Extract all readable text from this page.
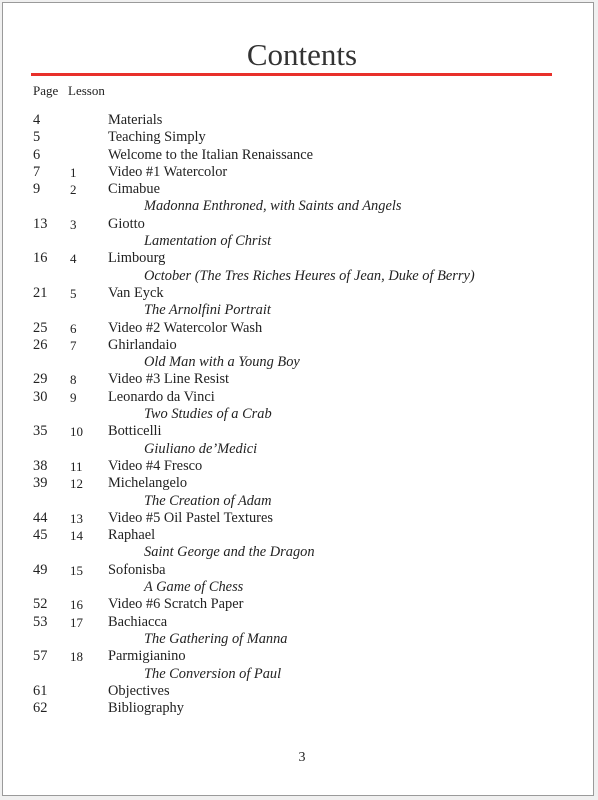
Contents
Page Lesson
4	Materials
5	Teaching Simply
6	Welcome to the Italian Renaissance
7 1 Video #1 Watercolor
9 2 Cimabue
Madonna Enthroned, with Saints and Angels
13 3 Giotto
Lamentation of Christ
16 4 Limbourg
October (The Tres Riches Heures of Jean, Duke of Berry)
21 5 Van Eyck
The Arnolfini Portrait
25 6 Video #2 Watercolor Wash
26 7 Ghirlandaio
Old Man with a Young Boy
29 8 Video #3 Line Resist
30 9 Leonardo da Vinci
Two Studies of a Crab
35 10 Botticelli
Giuliano de’Medici
38 11 Video #4 Fresco
39 12 Michelangelo
The Creation of Adam
44 13 Video #5 Oil Pastel Textures
45 14 Raphael
Saint George and the Dragon
49 15 Sofonisba
A Game of Chess
52 16 Video #6 Scratch Paper
53 17 Bachiacca
The Gathering of Manna
57 18 Parmigianino
The Conversion of Paul
61	Objectives
62	Bibliography
3
